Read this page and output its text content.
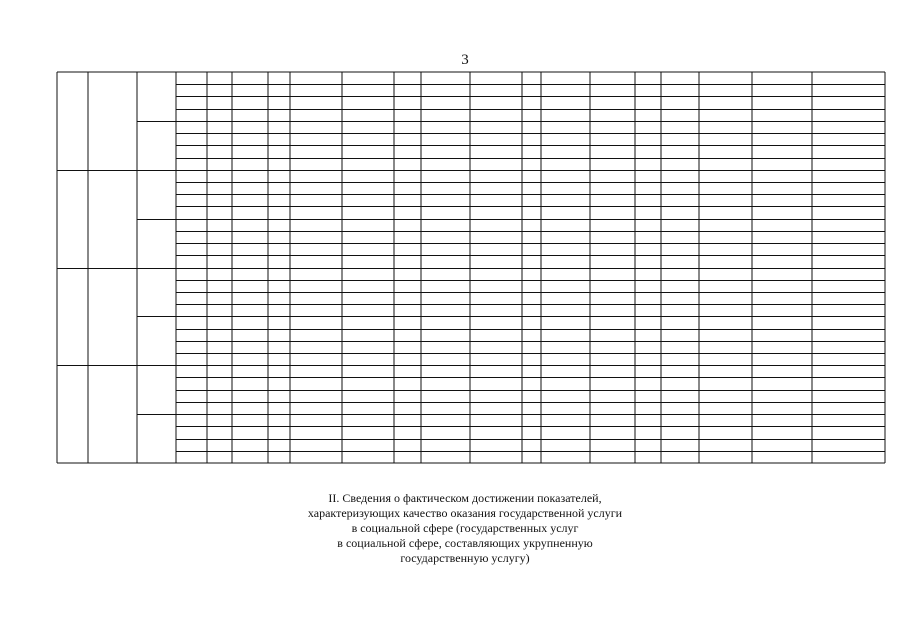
3
II. Сведения о фактическом достижении показателей,
характеризующих качество оказания государственной услуги
в социальной сфере (государственных услуг
в социальной сфере, составляющих укрупненную
государственную услугу)
